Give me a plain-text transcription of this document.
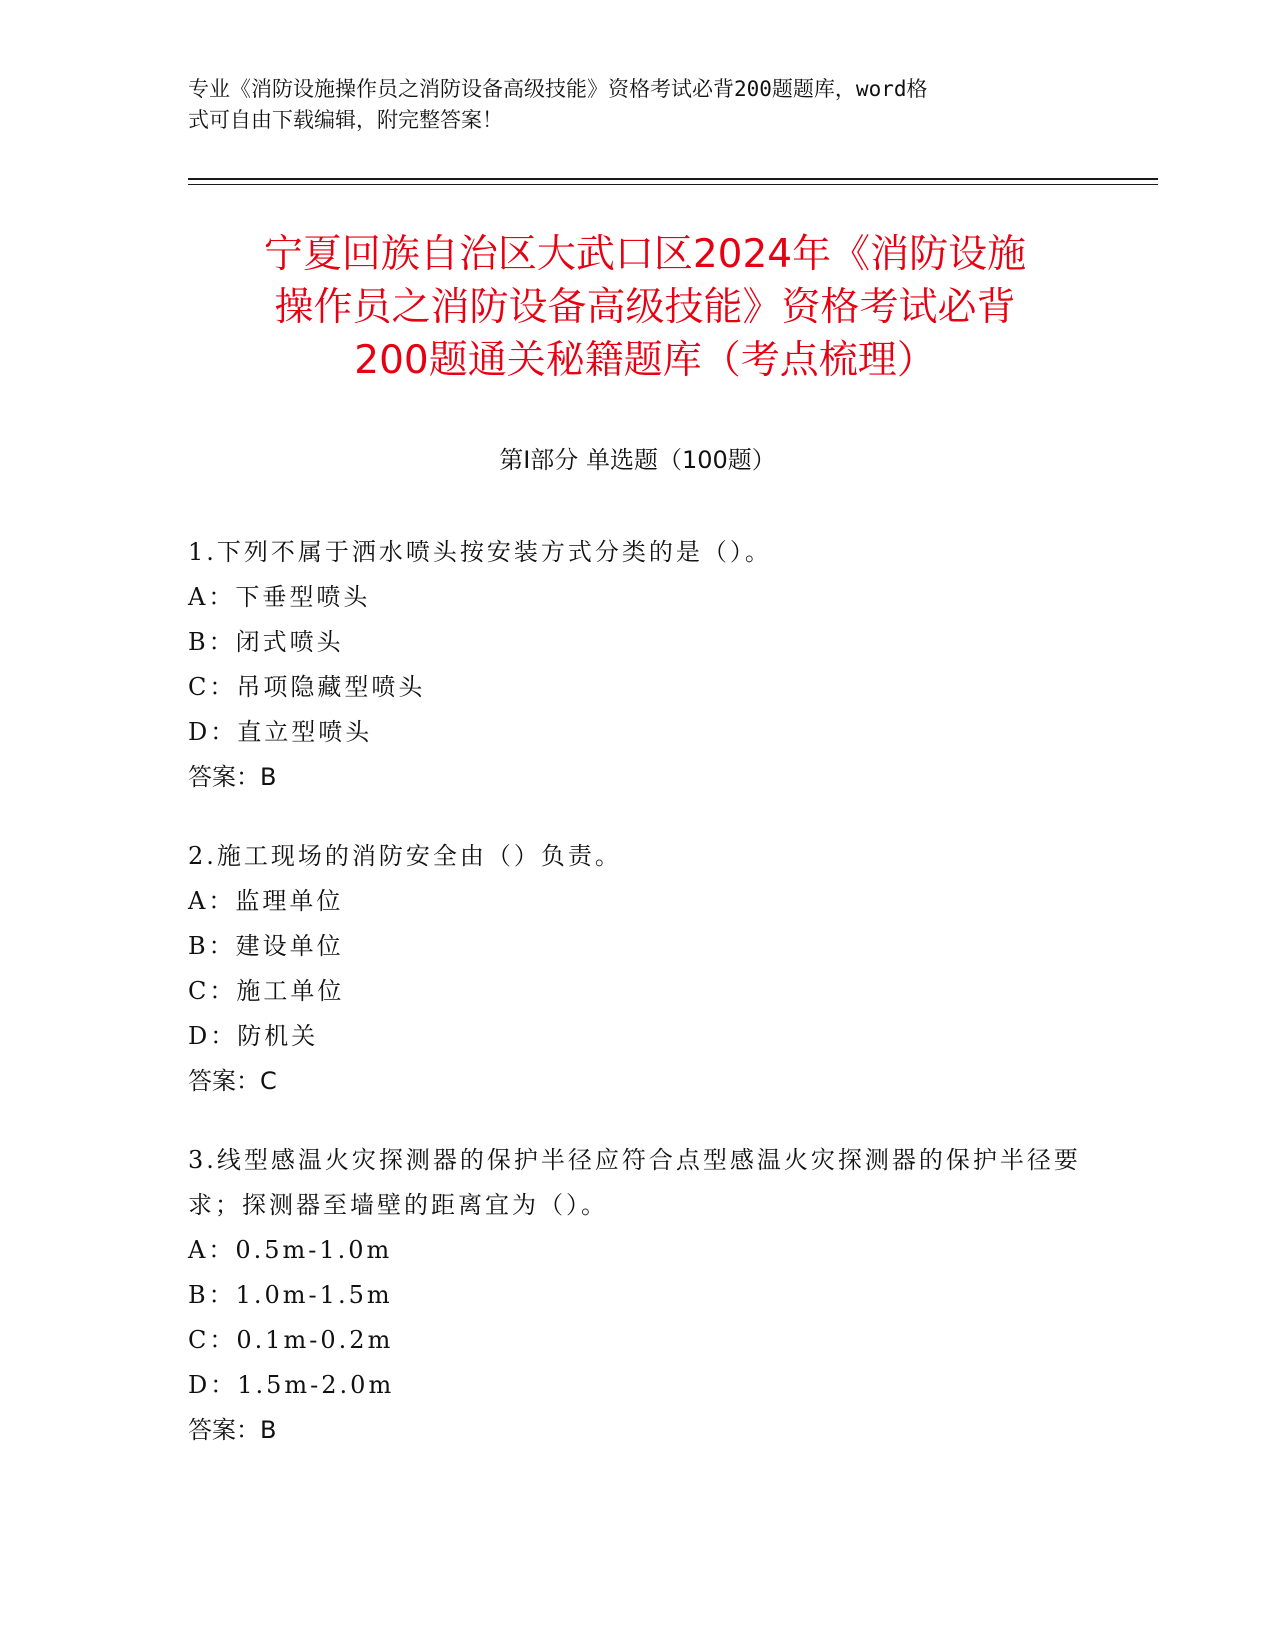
专业《消防设施操作员之消防设备高级技能》资格考试必背200题题库，word格
式可自由下载编辑，附完整答案！
宁夏回族自治区大武口区2024年《消防设施
操作员之消防设备高级技能》资格考试必背
200题通关秘籍题库（考点梳理）
第Ⅰ部分 单选题（100题）
1.下列不属于洒水喷头按安装方式分类的是（）。
A：下垂型喷头
B：闭式喷头
C：吊项隐藏型喷头
D：直立型喷头
答案：B
2.施工现场的消防安全由（）负责。
A：监理单位
B：建设单位
C：施工单位
D：防机关
答案：C
3.线型感温火灾探测器的保护半径应符合点型感温火灾探测器的保护半径要求；探测器至墙壁的距离宜为（）。
A：0.5m-1.0m
B：1.0m-1.5m
C：0.1m-0.2m
D：1.5m-2.0m
答案：B
